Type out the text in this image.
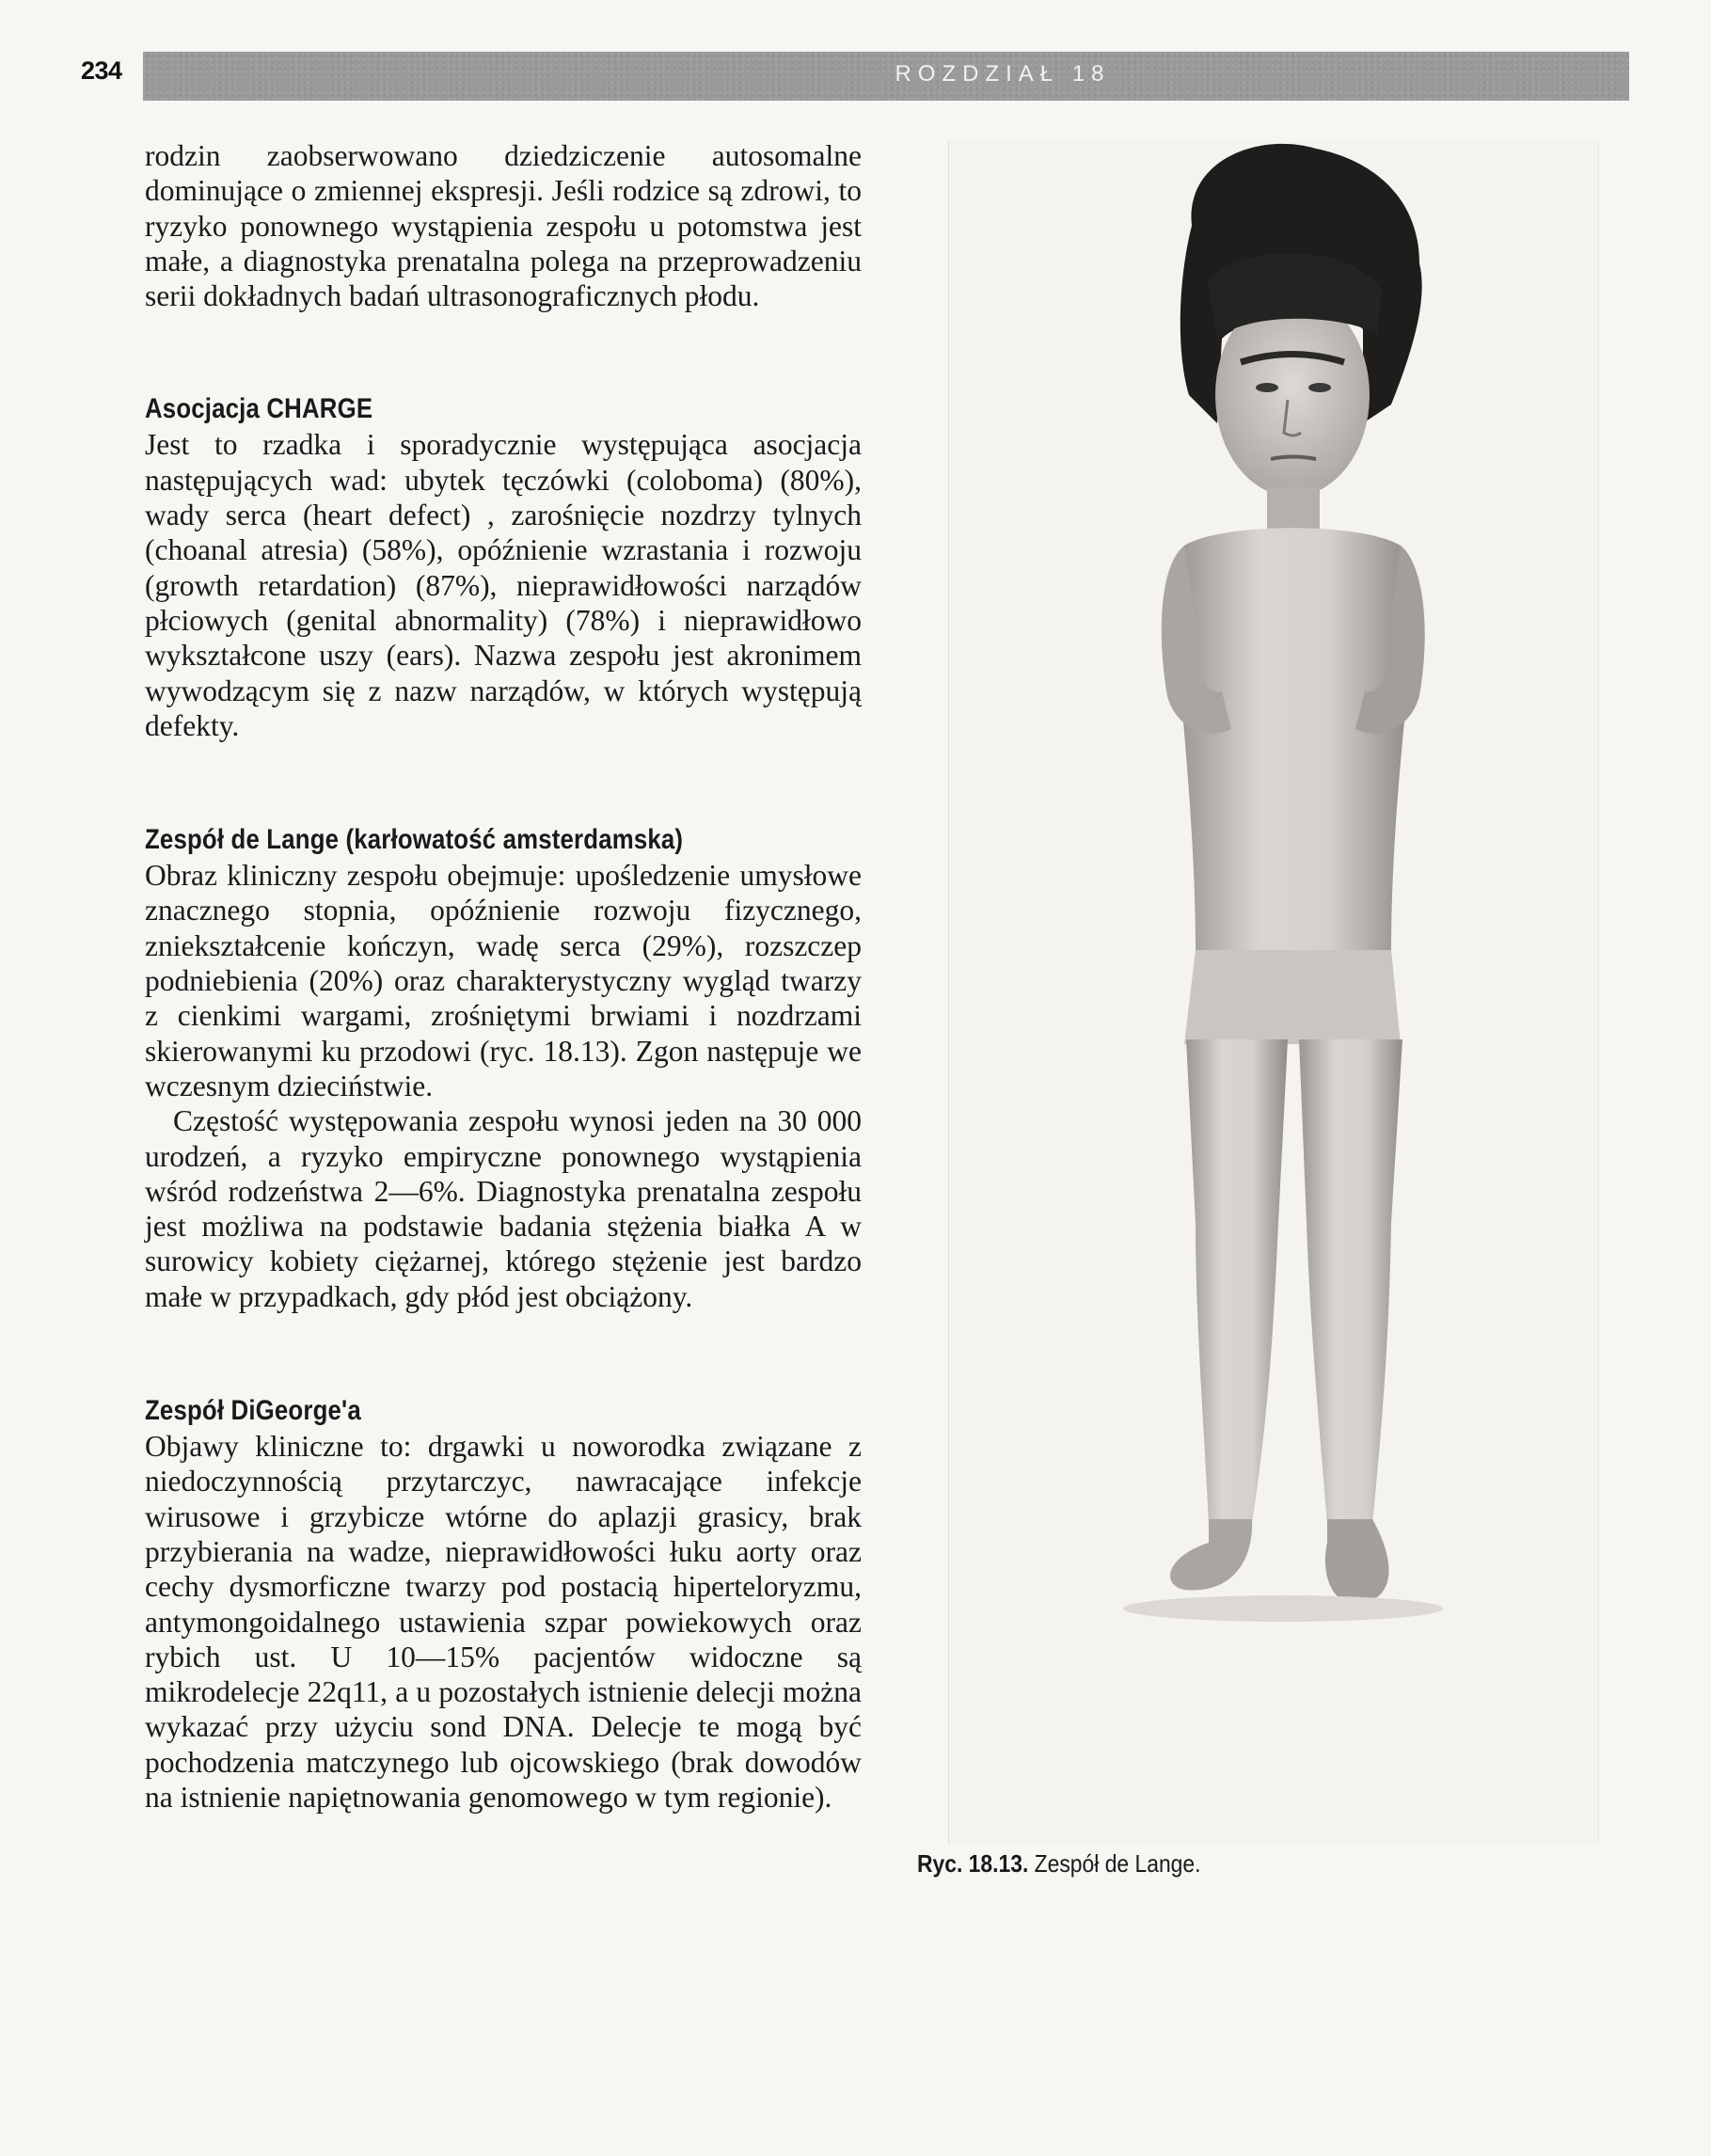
234	ROZDZIAŁ 18

rodzin zaobserwowano dziedziczenie autosomalne dominujące o zmiennej ekspresji. Jeśli rodzice są zdrowi, to ryzyko ponownego wystąpienia zespołu u potomstwa jest małe, a diagnostyka prenatalna polega na przeprowadzeniu serii dokładnych badań ultrasonograficznych płodu.

Asocjacja CHARGE

Jest to rzadka i sporadycznie występująca asocjacja następujących wad: ubytek tęczówki (coloboma) (80%), wady serca (heart defect) , zarośnięcie nozdrzy tylnych (choanal atresia) (58%), opóźnienie wzrastania i rozwoju (growth retardation) (87%), nieprawidłowości narządów płciowych (genital abnormality) (78%) i nieprawidłowo wykształcone uszy (ears). Nazwa zespołu jest akronimem wywodzącym się z nazw narządów, w których występują defekty.

Zespół de Lange (karłowatość amsterdamska)

Obraz kliniczny zespołu obejmuje: upośledzenie umysłowe znacznego stopnia, opóźnienie rozwoju fizycznego, zniekształcenie kończyn, wadę serca (29%), rozszczep podniebienia (20%) oraz charakterystyczny wygląd twarzy z cienkimi wargami, zrośniętymi brwiami i nozdrzami skierowanymi ku przodowi (ryc. 18.13). Zgon następuje we wczesnym dzieciństwie.

Częstość występowania zespołu wynosi jeden na 30 000 urodzeń, a ryzyko empiryczne ponownego wystąpienia wśród rodzeństwa 2—6%. Diagnostyka prenatalna zespołu jest możliwa na podstawie badania stężenia białka A w surowicy kobiety ciężarnej, którego stężenie jest bardzo małe w przypadkach, gdy płód jest obciążony.

Zespół DiGeorge'a

Objawy kliniczne to: drgawki u noworodka związane z niedoczynnością przytarczyc, nawracające infekcje wirusowe i grzybicze wtórne do aplazji grasicy, brak przybierania na wadze, nieprawidłowości łuku aorty oraz cechy dysmorficzne twarzy pod postacią hiperteloryzmu, antymongoidalnego ustawienia szpar powiekowych oraz rybich ust. U 10—15% pacjentów widoczne są mikrodelecje 22q11, a u pozostałych istnienie delecji można wykazać przy użyciu sond DNA. Delecje te mogą być pochodzenia matczynego lub ojcowskiego (brak dowodów na istnienie napiętnowania genomowego w tym regionie).

Ryc. 18.13. Zespół de Lange.
